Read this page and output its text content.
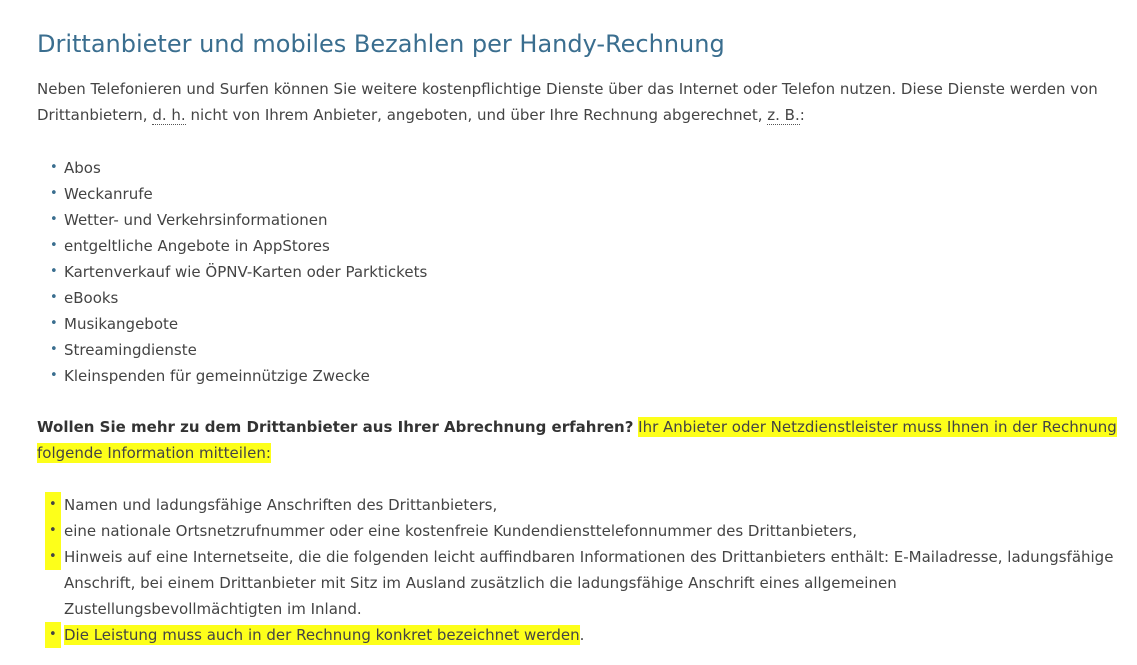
Drittanbieter und mobiles Bezahlen per Handy-Rechnung

Neben Telefonieren und Surfen können Sie weitere kostenpflichtige Dienste über das Internet oder Telefon nutzen. Diese Dienste werden von Drittanbietern, d. h. nicht von Ihrem Anbieter, angeboten, und über Ihre Rechnung abgerechnet, z. B.:

• Abos
• Weckanrufe
• Wetter- und Verkehrsinformationen
• entgeltliche Angebote in AppStores
• Kartenverkauf wie ÖPNV-Karten oder Parktickets
• eBooks
• Musikangebote
• Streamingdienste
• Kleinspenden für gemeinnützige Zwecke

Wollen Sie mehr zu dem Drittanbieter aus Ihrer Abrechnung erfahren? Ihr Anbieter oder Netzdienstleister muss Ihnen in der Rechnung folgende Information mitteilen:

• Namen und ladungsfähige Anschriften des Drittanbieters,
• eine nationale Ortsnetzrufnummer oder eine kostenfreie Kundendiensttelefonnummer des Drittanbieters,
• Hinweis auf eine Internetseite, die die folgenden leicht auffindbaren Informationen des Drittanbieters enthält: E-Mailadresse, ladungsfähige Anschrift, bei einem Drittanbieter mit Sitz im Ausland zusätzlich die ladungsfähige Anschrift eines allgemeinen Zustellungsbevollmächtigten im Inland.
• Die Leistung muss auch in der Rechnung konkret bezeichnet werden.
